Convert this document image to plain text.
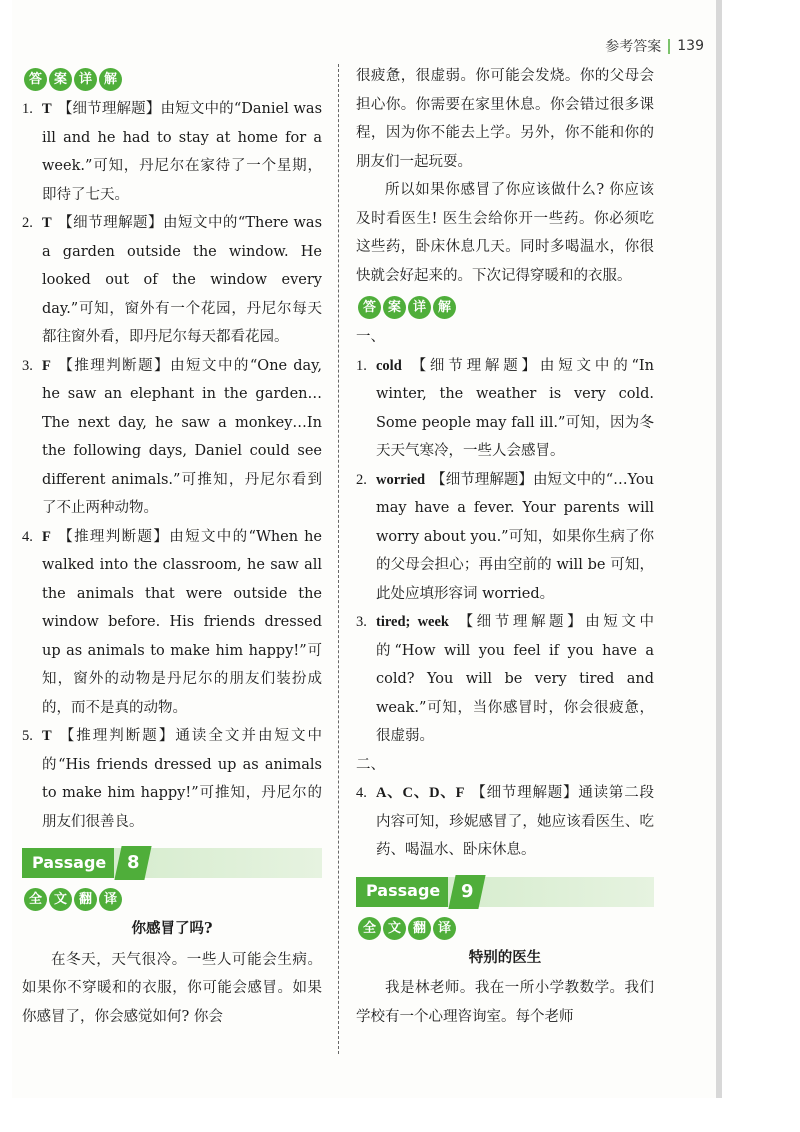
参考答案 139
答 案 详 解
1. T 【细节理解题】由短文中的“Daniel was ill and he had to stay at home for a week.”可知，丹尼尔在家待了一个星期，即待了七天。
2. T 【细节理解题】由短文中的“There was a garden outside the window. He looked out of the window every day.”可知，窗外有一个花园，丹尼尔每天都往窗外看，即丹尼尔每天都看花园。
3. F 【推理判断题】由短文中的“One day, he saw an elephant in the garden…The next day, he saw a monkey…In the following days, Daniel could see different animals.”可推知，丹尼尔看到了不止两种动物。
4. F 【推理判断题】由短文中的“When he walked into the classroom, he saw all the animals that were outside the window before. His friends dressed up as animals to make him happy!”可知，窗外的动物是丹尼尔的朋友们装扮成的，而不是真的动物。
5. T 【推理判断题】通读全文并由短文中的“His friends dressed up as animals to make him happy!”可推知，丹尼尔的朋友们很善良。
Passage	8
全 文 翻 译
你感冒了吗?

在冬天，天气很冷。一些人可能会生病。如果你不穿暖和的衣服，你可能会感冒。如果你感冒了，你会感觉如何? 你会

很疲惫，很虚弱。你可能会发烧。你的父母会担心你。你需要在家里休息。你会错过很多课程，因为你不能去上学。另外，你不能和你的朋友们一起玩耍。

所以如果你感冒了你应该做什么? 你应该及时看医生! 医生会给你开一些药。你必须吃这些药，卧床休息几天。同时多喝温水，你很快就会好起来的。下次记得穿暖和的衣服。

答 案 详 解

一、

1. cold 【细节理解题】由短文中的“In winter, the weather is very cold. Some people may fall ill.”可知，因为冬天天气寒冷，一些人会感冒。
2. worried 【细节理解题】由短文中的“…You may have a fever. Your parents will worry about you.”可知，如果你生病了你的父母会担心；再由空前的 will be 可知，此处应填形容词 worried。
3. tired; week 【细节理解题】由短文中的“How will you feel if you have a cold? You will be very tired and weak.”可知，当你感冒时，你会很疲惫，很虚弱。

二、

4. A、C、D、F 【细节理解题】通读第二段内容可知，珍妮感冒了，她应该看医生、吃药、喝温水、卧床休息。
Passage	9
全 文 翻 译
特别的医生

我是林老师。我在一所小学教数学。我们学校有一个心理咨询室。每个老师
